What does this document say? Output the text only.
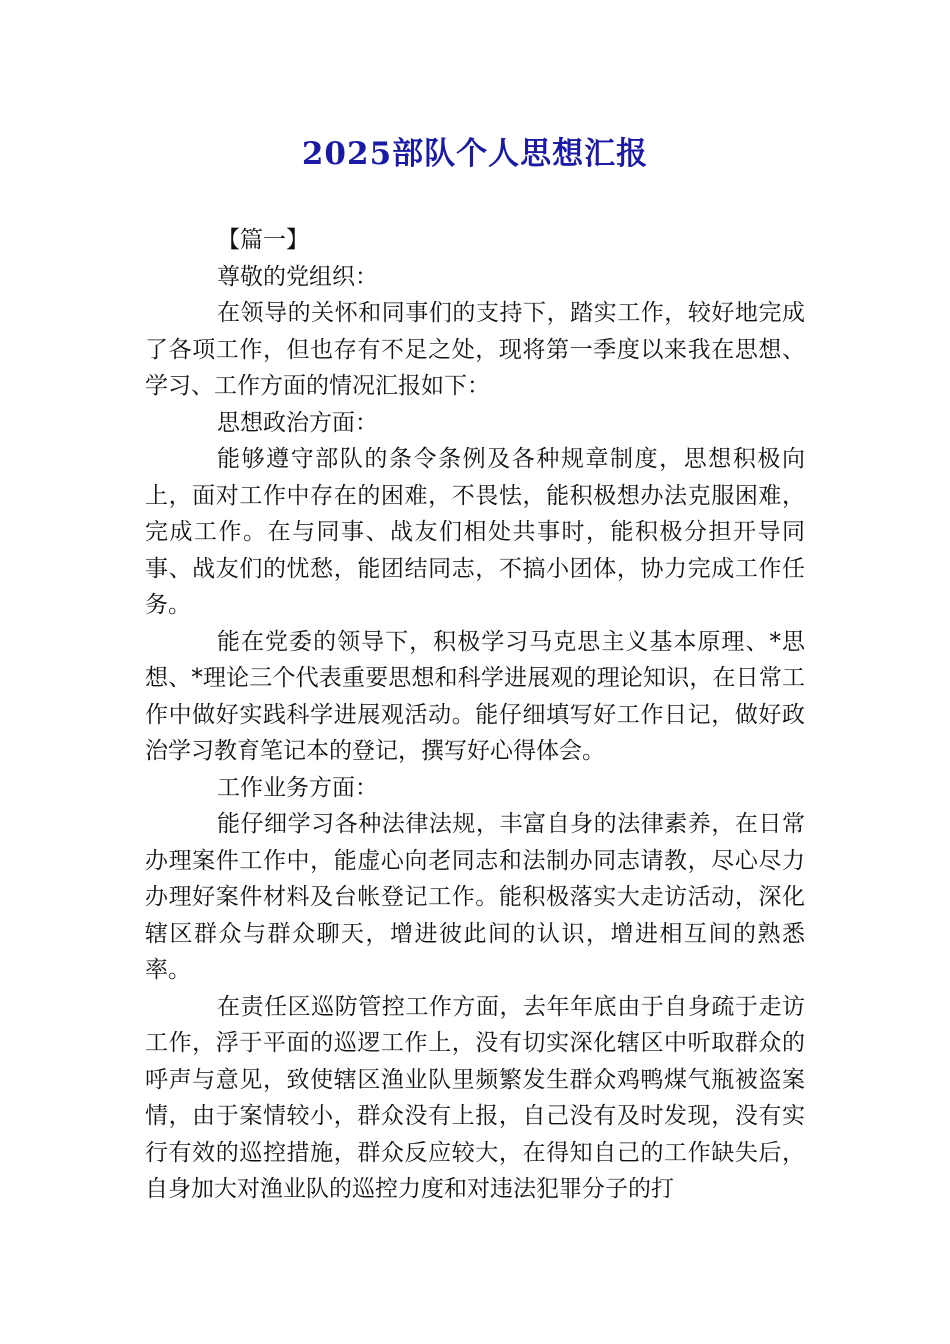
2025部队个人思想汇报

【篇一】

尊敬的党组织：

在领导的关怀和同事们的支持下，踏实工作，较好地完成了各项工作，但也存有不足之处，现将第一季度以来我在思想、学习、工作方面的情况汇报如下：

思想政治方面：

能够遵守部队的条令条例及各种规章制度，思想积极向上，面对工作中存在的困难，不畏怯，能积极想办法克服困难，完成工作。在与同事、战友们相处共事时，能积极分担开导同事、战友们的忧愁，能团结同志，不搞小团体，协力完成工作任务。

能在党委的领导下，积极学习马克思主义基本原理、*思想、*理论三个代表重要思想和科学进展观的理论知识，在日常工作中做好实践科学进展观活动。能仔细填写好工作日记，做好政治学习教育笔记本的登记，撰写好心得体会。

工作业务方面：

能仔细学习各种法律法规，丰富自身的法律素养，在日常办理案件工作中，能虚心向老同志和法制办同志请教，尽心尽力办理好案件材料及台帐登记工作。能积极落实大走访活动，深化辖区群众与群众聊天，增进彼此间的认识，增进相互间的熟悉率。

在责任区巡防管控工作方面，去年年底由于自身疏于走访工作，浮于平面的巡逻工作上，没有切实深化辖区中听取群众的呼声与意见，致使辖区渔业队里频繁发生群众鸡鸭煤气瓶被盗案情，由于案情较小，群众没有上报，自己没有及时发现，没有实行有效的巡控措施，群众反应较大，在得知自己的工作缺失后，自身加大对渔业队的巡控力度和对违法犯罪分子的打
